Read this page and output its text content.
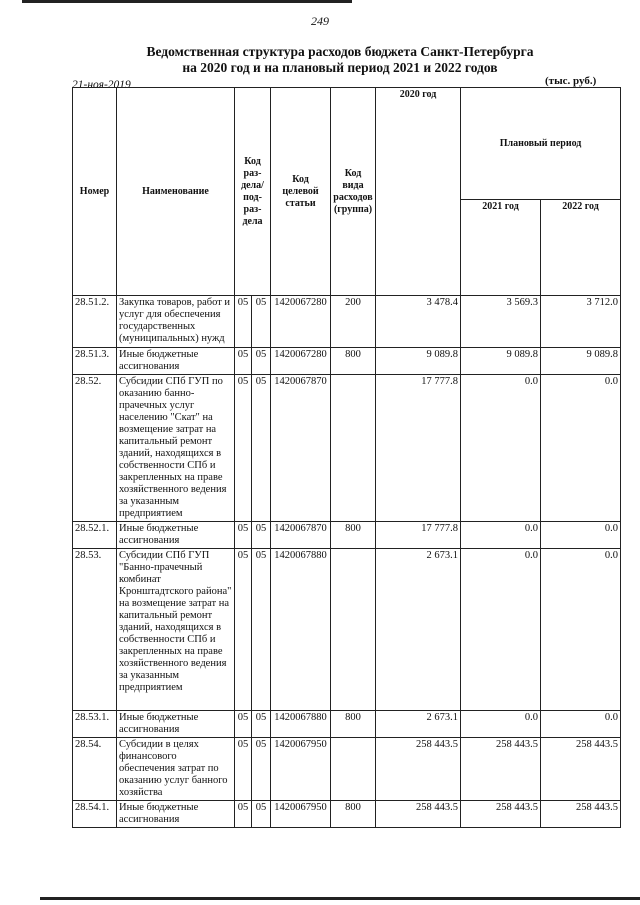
249
Ведомственная структура расходов бюджета Санкт-Петербурга
на 2020 год и на плановый период 2021 и 2022 годов
21-ноя-2019	(тыс. руб.)
Номер	Наименование	Код раз-дела/ под-раз-дела		Код целевой статьи	Код вида расходов (группа)	2020 год	Плановый период	
							2021 год	2022 год
28.51.2.	Закупка товаров, работ и услуг для обеспечения государственных (муниципальных) нужд	05	05	1420067280	200	3 478.4	3 569.3	3 712.0
28.51.3.	Иные бюджетные ассигнования	05	05	1420067280	800	9 089.8	9 089.8	9 089.8
28.52.	Субсидии СПб ГУП по оказанию банно-прачечных услуг населению "Скат" на возмещение затрат на капитальный ремонт зданий, находящихся в собственности СПб и закрепленных на праве хозяйственного ведения за указанным предприятием	05	05	1420067870		17 777.8	0.0	0.0
28.52.1.	Иные бюджетные ассигнования	05	05	1420067870	800	17 777.8	0.0	0.0
28.53.	Субсидии СПб ГУП "Банно-прачечный комбинат Кронштадтского района" на возмещение затрат на капитальный ремонт зданий, находящихся в собственности СПб и закрепленных на праве хозяйственного ведения за указанным предприятием	05	05	1420067880		2 673.1	0.0	0.0
28.53.1.	Иные бюджетные ассигнования	05	05	1420067880	800	2 673.1	0.0	0.0
28.54.	Субсидии в целях финансового обеспечения затрат по оказанию услуг банного хозяйства	05	05	1420067950		258 443.5	258 443.5	258 443.5
28.54.1.	Иные бюджетные ассигнования	05	05	1420067950	800	258 443.5	258 443.5	258 443.5
